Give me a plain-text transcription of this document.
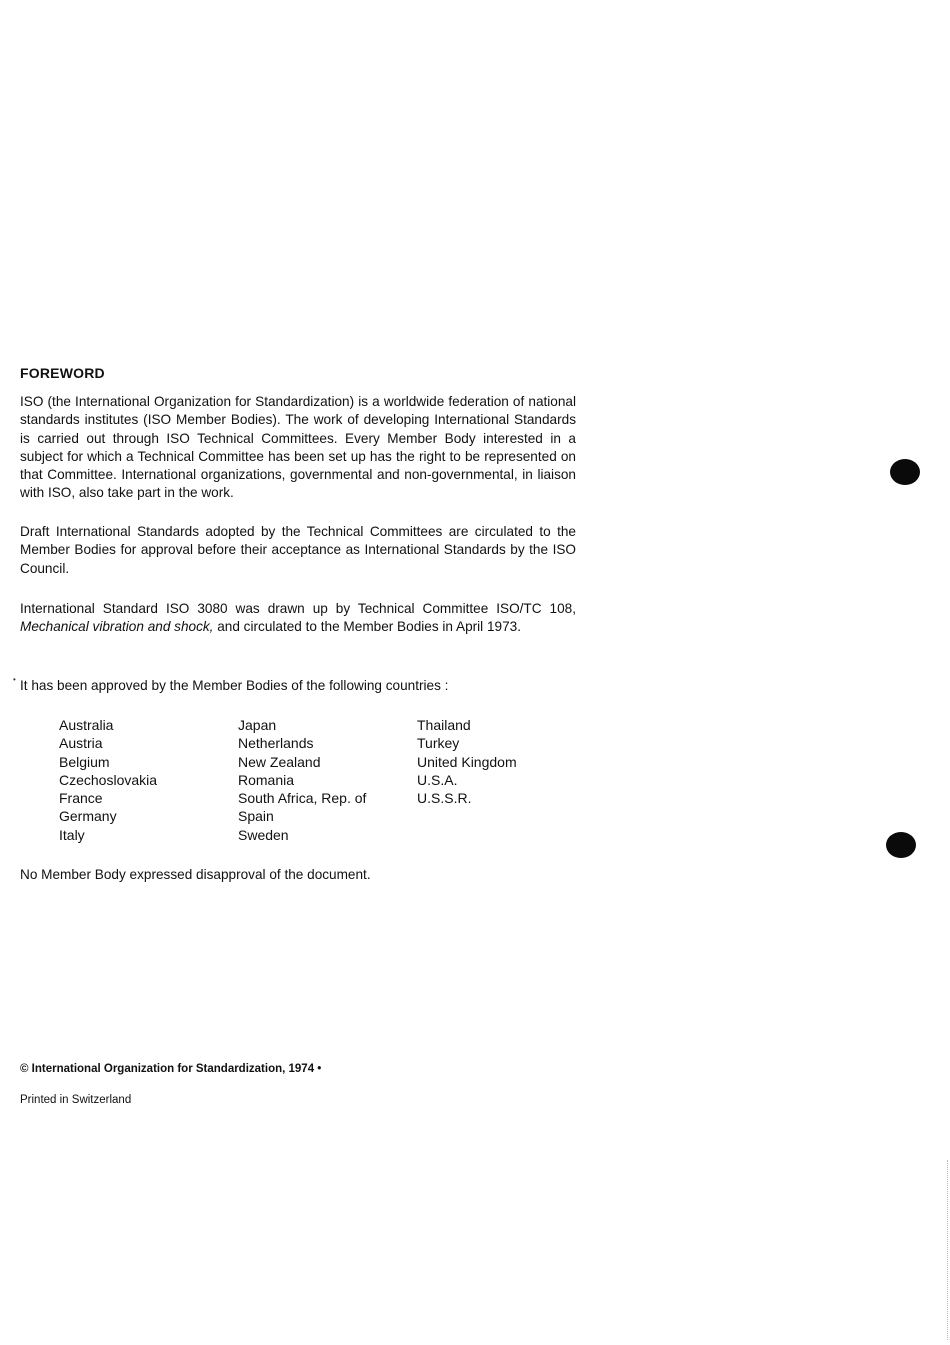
FOREWORD

ISO (the International Organization for Standardization) is a worldwide federation of national standards institutes (ISO Member Bodies). The work of developing International Standards is carried out through ISO Technical Committees. Every Member Body interested in a subject for which a Technical Committee has been set up has the right to be represented on that Committee. International organizations, governmental and non-governmental, in liaison with ISO, also take part in the work.

Draft International Standards adopted by the Technical Committees are circulated to the Member Bodies for approval before their acceptance as International Standards by the ISO Council.

International Standard ISO 3080 was drawn up by Technical Committee ISO/TC 108, Mechanical vibration and shock, and circulated to the Member Bodies in April 1973.

• It has been approved by the Member Bodies of the following countries :

Australia
Austria
Belgium
Czechoslovakia
France
Germany
Italy
Japan
Netherlands
New Zealand
Romania
South Africa, Rep. of
Spain
Sweden
Thailand
Turkey
United Kingdom
U.S.A.
U.S.S.R.

No Member Body expressed disapproval of the document.

© International Organization for Standardization, 1974 •
Printed in Switzerland
